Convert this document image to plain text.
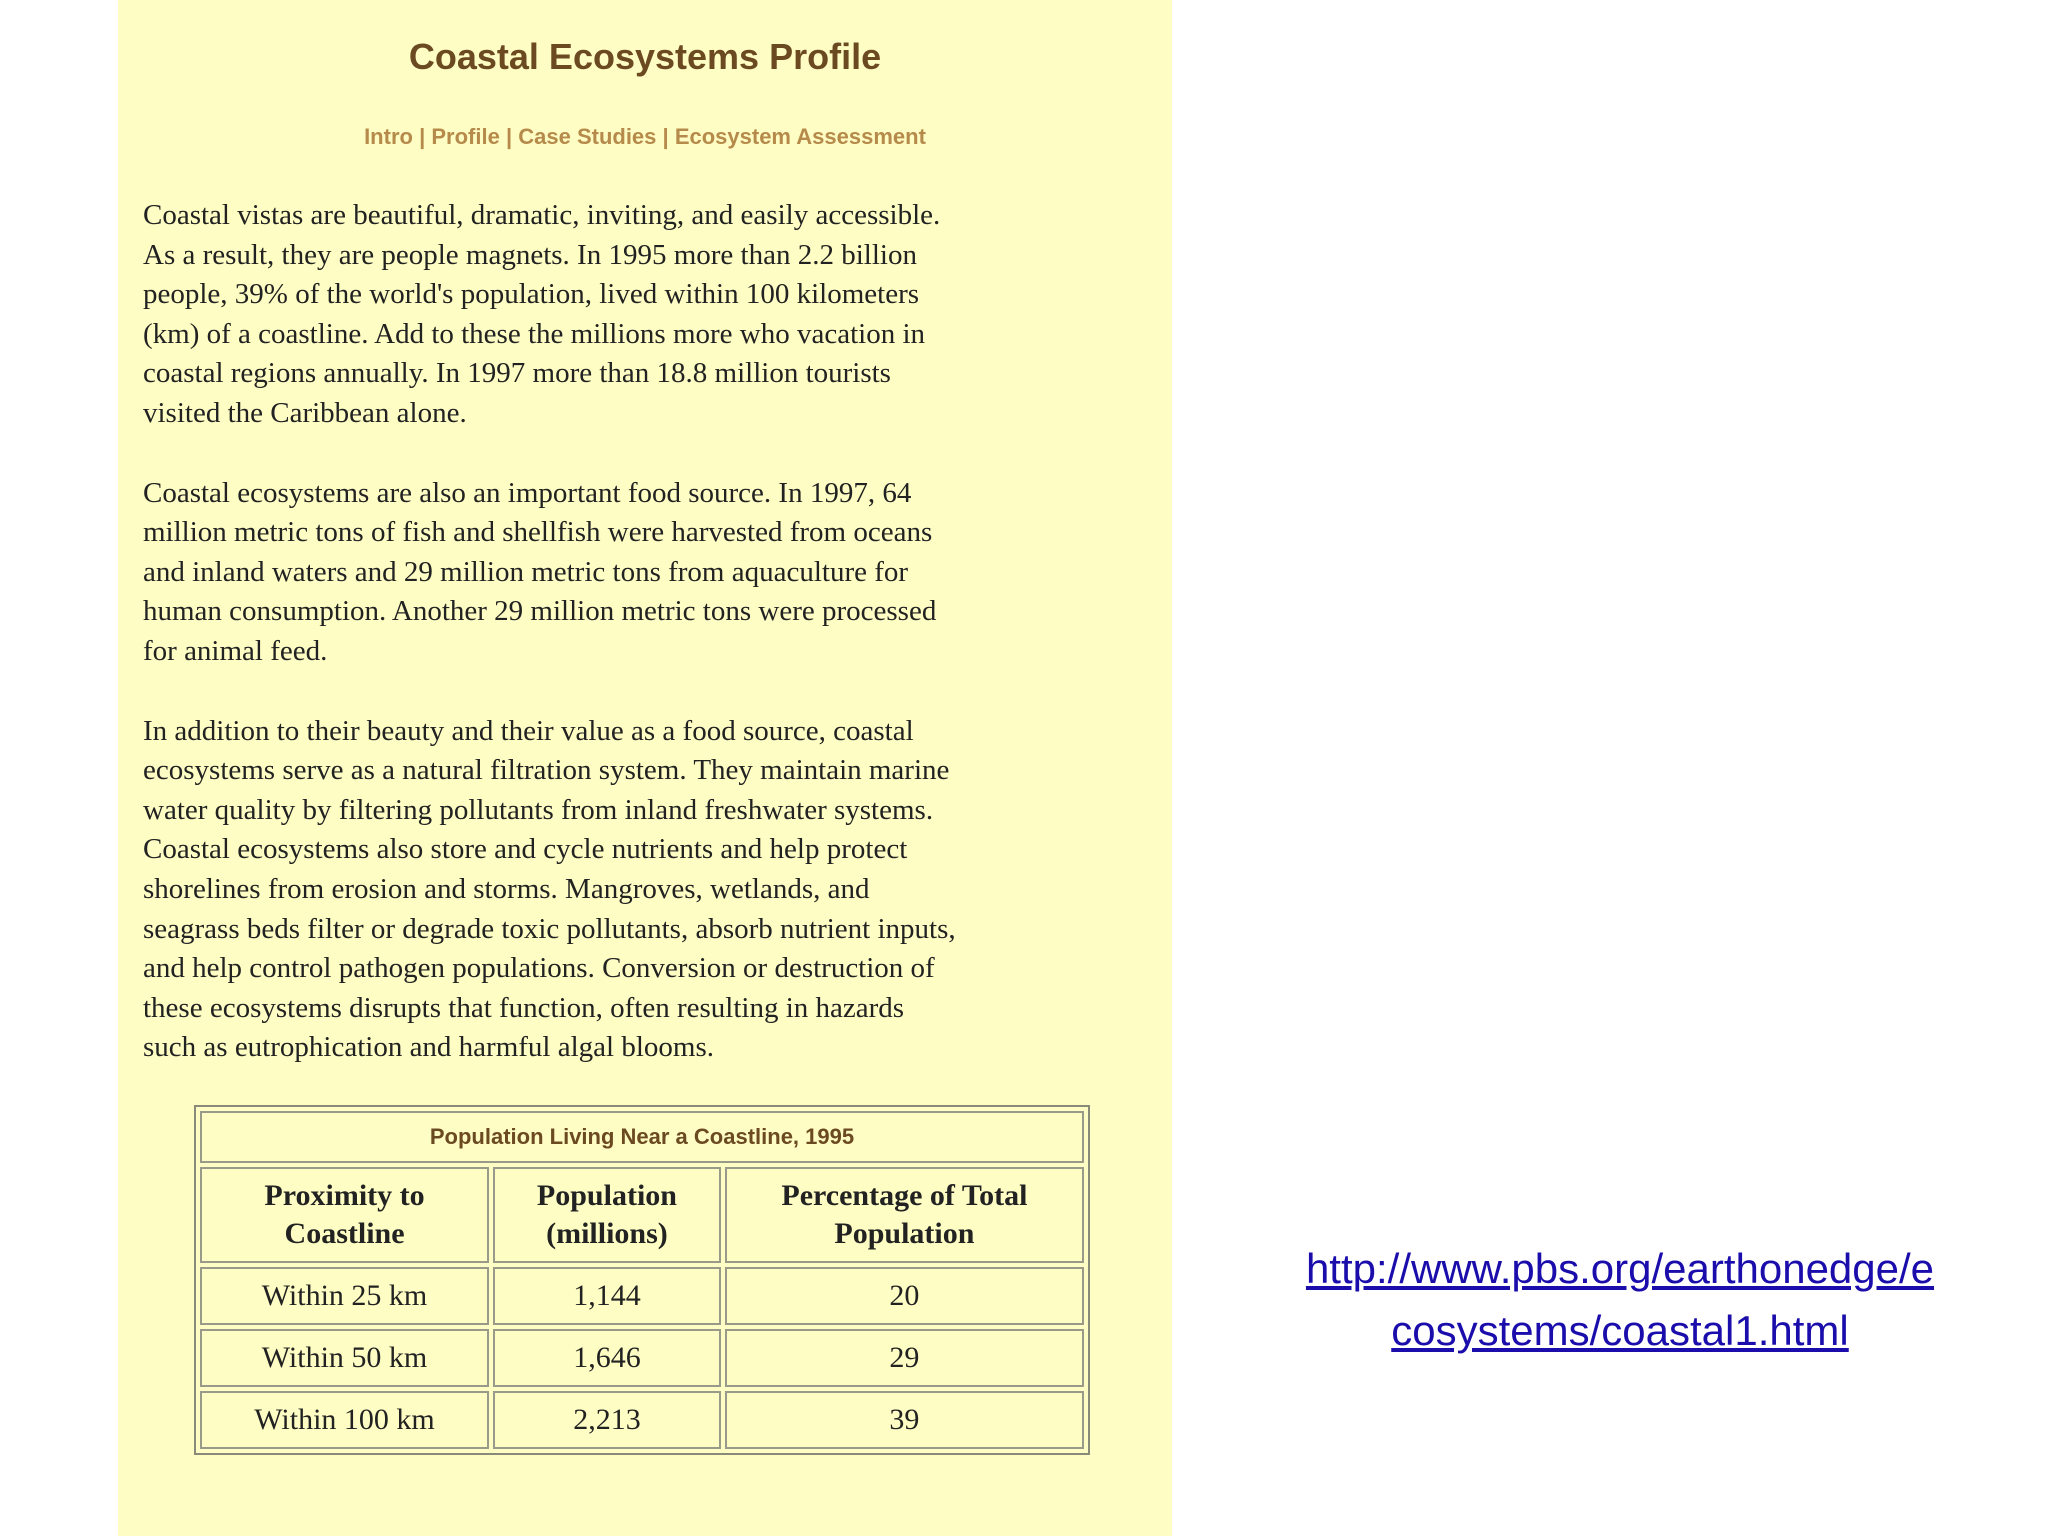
Coastal Ecosystems Profile
Intro | Profile | Case Studies | Ecosystem Assessment

Coastal vistas are beautiful, dramatic, inviting, and easily accessible.
As a result, they are people magnets. In 1995 more than 2.2 billion
people, 39% of the world's population, lived within 100 kilometers
(km) of a coastline. Add to these the millions more who vacation in
coastal regions annually. In 1997 more than 18.8 million tourists
visited the Caribbean alone.

Coastal ecosystems are also an important food source. In 1997, 64
million metric tons of fish and shellfish were harvested from oceans
and inland waters and 29 million metric tons from aquaculture for
human consumption. Another 29 million metric tons were processed
for animal feed.

In addition to their beauty and their value as a food source, coastal
ecosystems serve as a natural filtration system. They maintain marine
water quality by filtering pollutants from inland freshwater systems.
Coastal ecosystems also store and cycle nutrients and help protect
shorelines from erosion and storms. Mangroves, wetlands, and
seagrass beds filter or degrade toxic pollutants, absorb nutrient inputs,
and help control pathogen populations. Conversion or destruction of
these ecosystems disrupts that function, often resulting in hazards
such as eutrophication and harmful algal blooms.

Population Living Near a Coastline, 1995		
Proximity to Coastline	Population (millions)	Percentage of Total Population
Within 25 km	1,144	20
Within 50 km	1,646	29
Within 100 km	2,213	39
http://www.pbs.org/earthonedge/e
cosystems/coastal1.html
